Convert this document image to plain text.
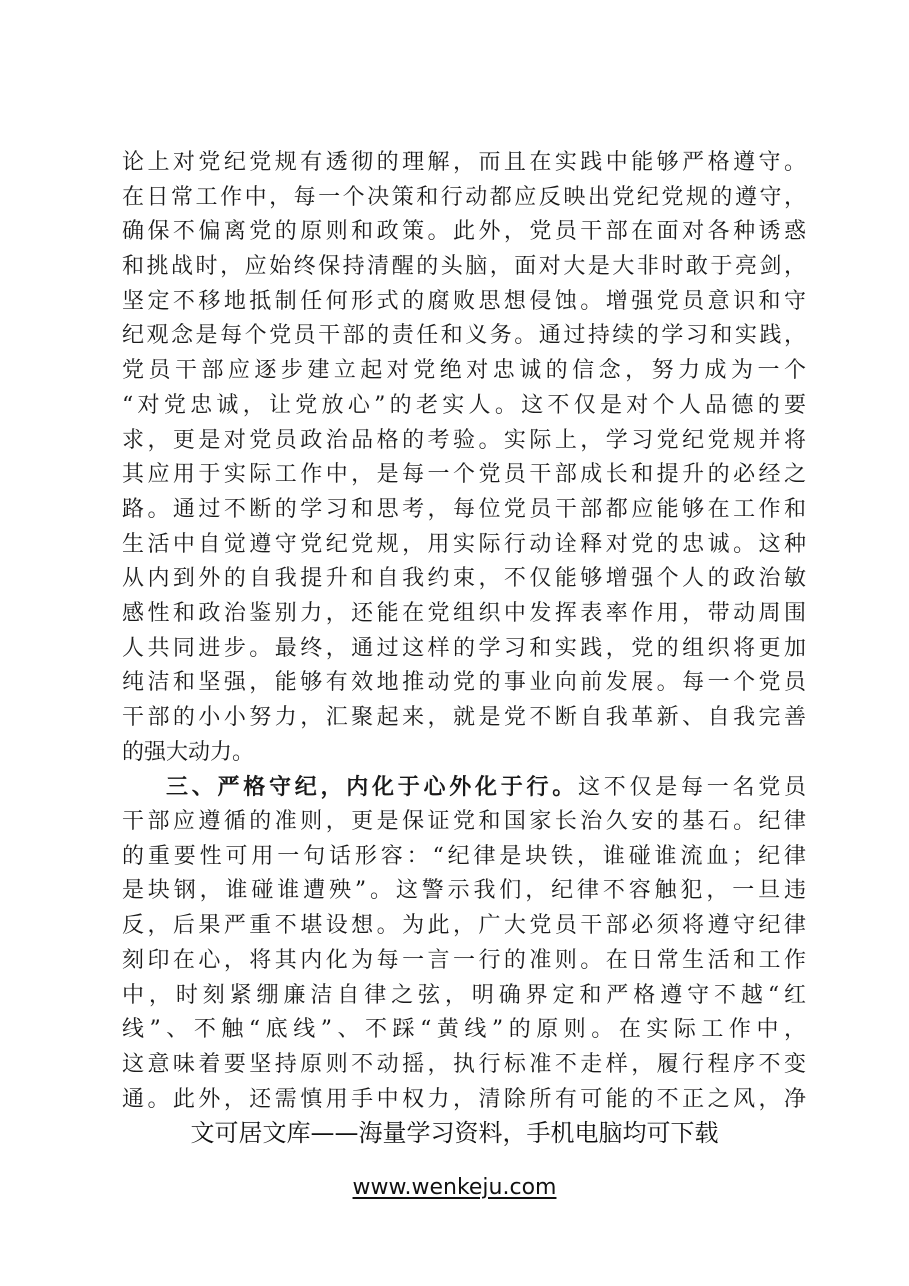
论上对党纪党规有透彻的理解，而且在实践中能够严格遵守。
在日常工作中，每一个决策和行动都应反映出党纪党规的遵守，
确保不偏离党的原则和政策。此外，党员干部在面对各种诱惑
和挑战时，应始终保持清醒的头脑，面对大是大非时敢于亮剑，
坚定不移地抵制任何形式的腐败思想侵蚀。增强党员意识和守
纪观念是每个党员干部的责任和义务。通过持续的学习和实践，
党员干部应逐步建立起对党绝对忠诚的信念，努力成为一个
“对党忠诚，让党放心”的老实人。这不仅是对个人品德的要
求，更是对党员政治品格的考验。实际上，学习党纪党规并将
其应用于实际工作中，是每一个党员干部成长和提升的必经之
路。通过不断的学习和思考，每位党员干部都应能够在工作和
生活中自觉遵守党纪党规，用实际行动诠释对党的忠诚。这种
从内到外的自我提升和自我约束，不仅能够增强个人的政治敏
感性和政治鉴别力，还能在党组织中发挥表率作用，带动周围
人共同进步。最终，通过这样的学习和实践，党的组织将更加
纯洁和坚强，能够有效地推动党的事业向前发展。每一个党员
干部的小小努力，汇聚起来，就是党不断自我革新、自我完善
的强大动力。
三、严格守纪，内化于心外化于行。这不仅是每一名党员
干部应遵循的准则，更是保证党和国家长治久安的基石。纪律
的重要性可用一句话形容：“纪律是块铁，谁碰谁流血；纪律
是块钢，谁碰谁遭殃”。这警示我们，纪律不容触犯，一旦违
反，后果严重不堪设想。为此，广大党员干部必须将遵守纪律
刻印在心，将其内化为每一言一行的准则。在日常生活和工作
中，时刻紧绷廉洁自律之弦，明确界定和严格遵守不越“红
线”、不触“底线”、不踩“黄线”的原则。在实际工作中，
这意味着要坚持原则不动摇，执行标准不走样，履行程序不变
通。此外，还需慎用手中权力，清除所有可能的不正之风，净
文可居文库——海量学习资料，手机电脑均可下载
www.wenkeju.com
